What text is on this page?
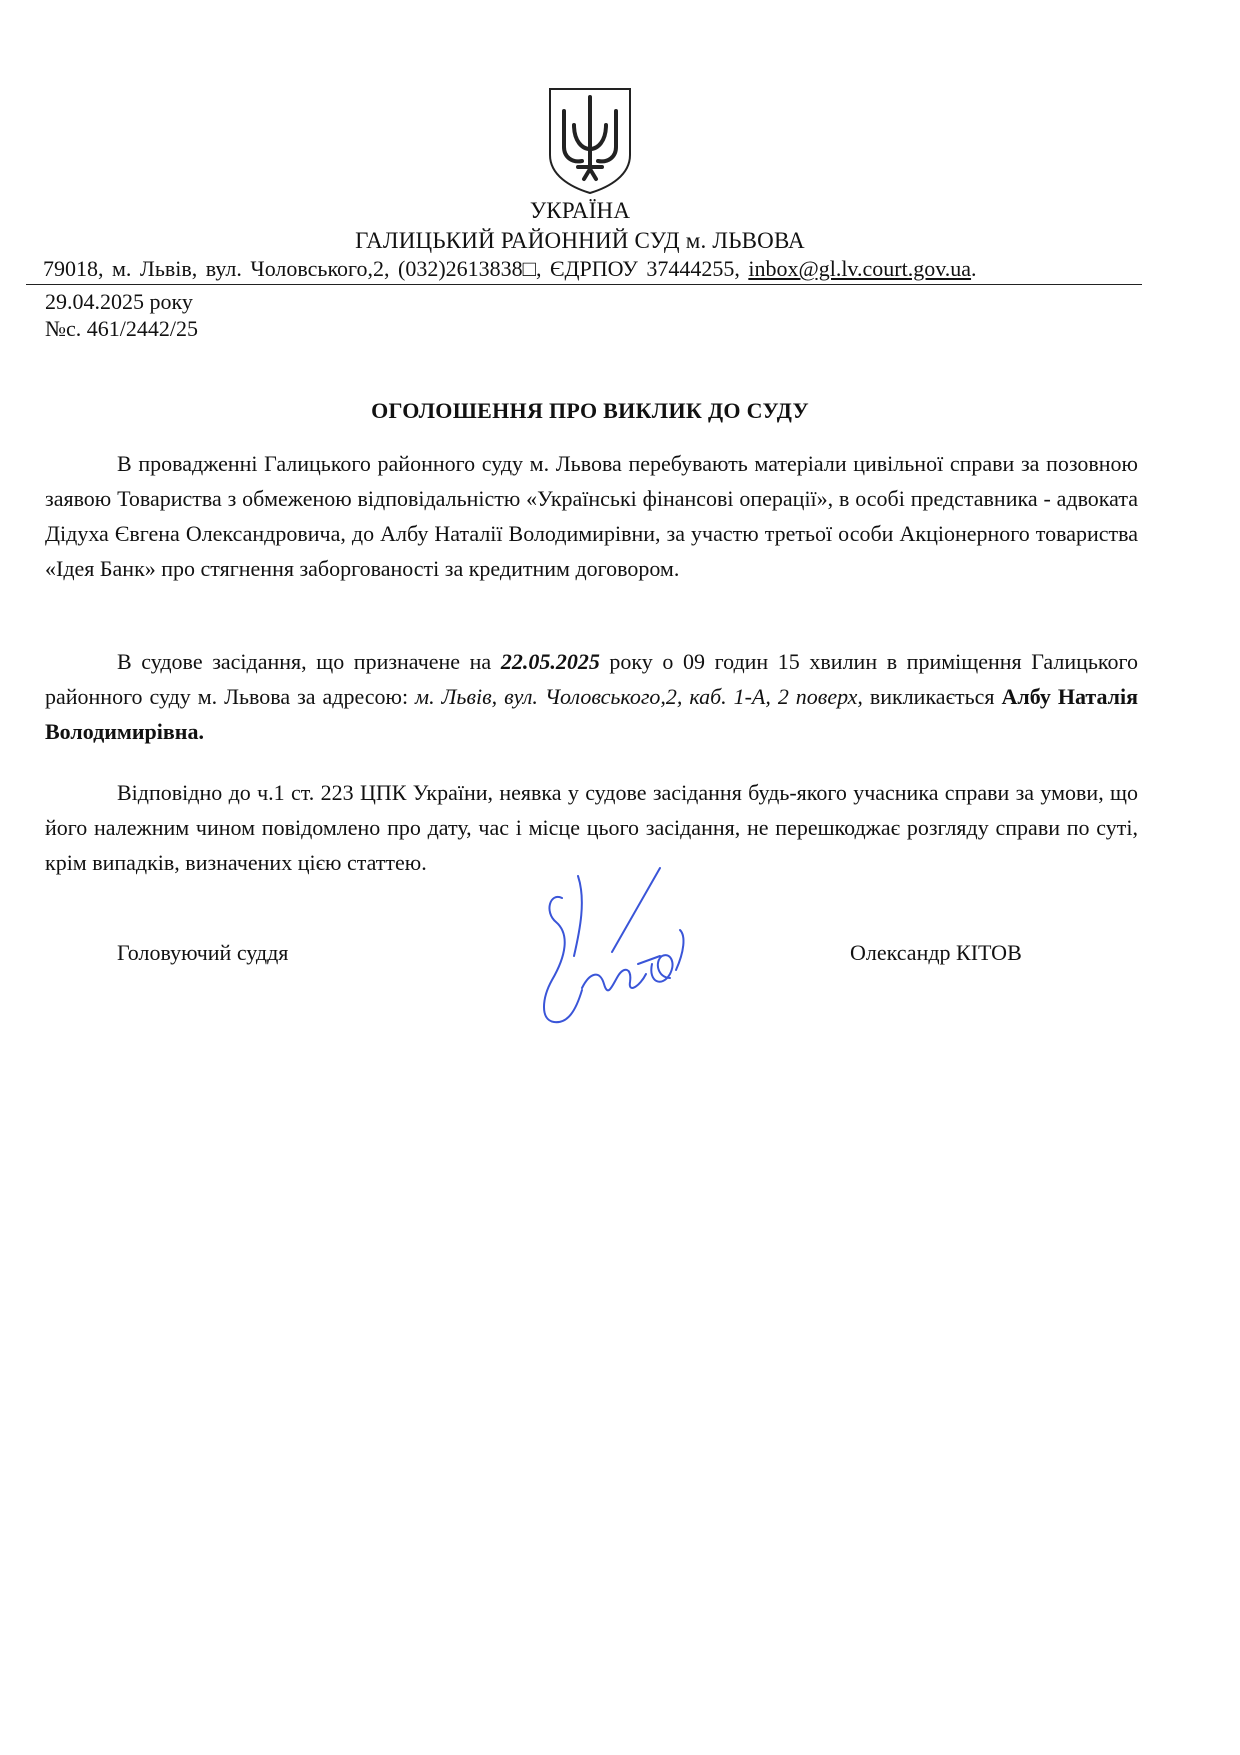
УКРАЇНА
ГАЛИЦЬКИЙ РАЙОННИЙ СУД м. ЛЬВОВА
79018, м. Львів, вул. Чоловського,2, (032)2613838□, ЄДРПОУ 37444255, inbox@gl.lv.court.gov.ua.
29.04.2025 року
№с. 461/2442/25
ОГОЛОШЕННЯ ПРО ВИКЛИК ДО СУДУ
В провадженні Галицького районного суду м. Львова перебувають матеріали цивільної справи за позовною заявою Товариства з обмеженою відповідальністю «Українські фінансові операції», в особі представника - адвоката Дідуха Євгена Олександровича, до Албу Наталії Володимирівни, за участю третьої особи Акціонерного товариства «Ідея Банк» про стягнення заборгованості за кредитним договором.
В судове засідання, що призначене на 22.05.2025 року о 09 годин 15 хвилин в приміщення Галицького районного суду м. Львова за адресою: м. Львів, вул. Чоловського,2, каб. 1-А, 2 поверх, викликається Албу Наталія Володимирівна.
Відповідно до ч.1 ст. 223 ЦПК України, неявка у судове засідання будь-якого учасника справи за умови, що його належним чином повідомлено про дату, час і місце цього засідання, не перешкоджає розгляду справи по суті, крім випадків, визначених цією статтею.
Головуючий суддя	Олександр КІТОВ
